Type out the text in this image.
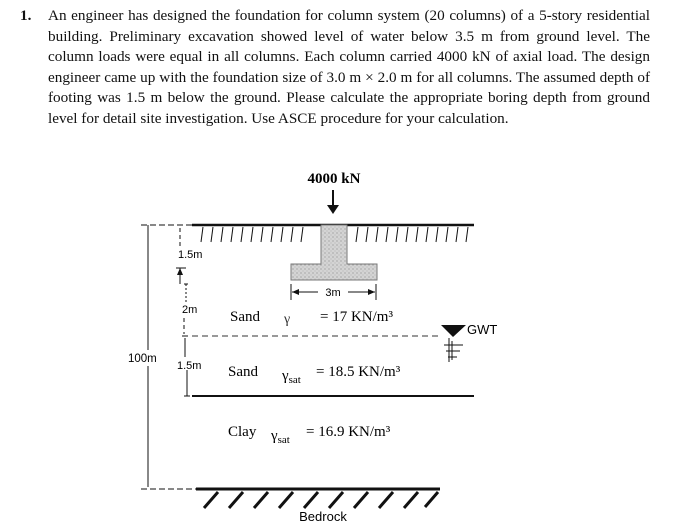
1. An engineer has designed the foundation for column system (20 columns) of a 5-story residential building. Preliminary excavation showed level of water below 3.5 m from ground level. The column loads were equal in all columns. Each column carried 4000 kN of axial load. The design engineer came up with the foundation size of 3.0 m × 2.0 m for all columns. The assumed depth of footing was 1.5 m below the ground. Please calculate the appropriate boring depth from ground level for detail site investigation. Use ASCE procedure for your calculation.
4000 kN
3m
1.5m
2m
1.5m
100m
Sand γ = 17 KN/m³
GWT
Sand $\gamma_{sat} = 18.5$ KN/m³
Clay $\gamma_{sat} = 16.9$ KN/m³
Bedrock
